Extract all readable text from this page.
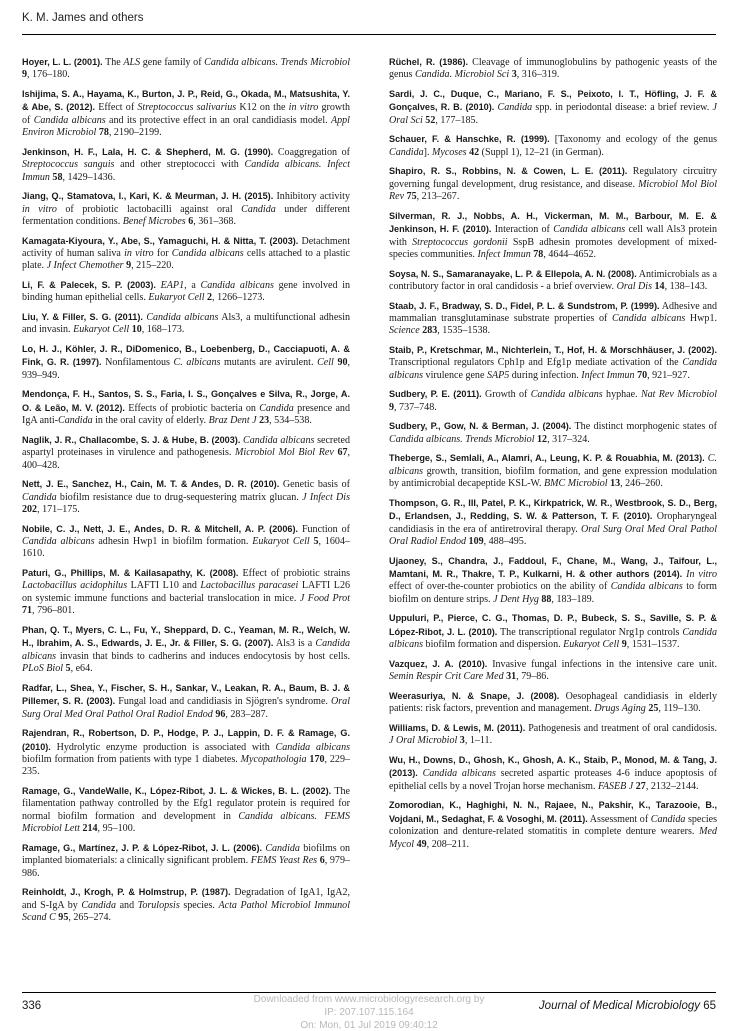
K. M. James and others

Hoyer, L. L. (2001). The ALS gene family of Candida albicans. Trends Microbiol 9, 176–180.

Ishijima, S. A., Hayama, K., Burton, J. P., Reid, G., Okada, M., Matsushita, Y. & Abe, S. (2012). Effect of Streptococcus salivarius K12 on the in vitro growth of Candida albicans and its protective effect in an oral candidiasis model. Appl Environ Microbiol 78, 2190–2199.

Jenkinson, H. F., Lala, H. C. & Shepherd, M. G. (1990). Coaggregation of Streptococcus sanguis and other streptococci with Candida albicans. Infect Immun 58, 1429–1436.

Jiang, Q., Stamatova, I., Kari, K. & Meurman, J. H. (2015). Inhibitory activity in vitro of probiotic lactobacilli against oral Candida under different fermentation conditions. Benef Microbes 6, 361–368.

Kamagata-Kiyoura, Y., Abe, S., Yamaguchi, H. & Nitta, T. (2003). Detachment activity of human saliva in vitro for Candida albicans cells attached to a plastic plate. J Infect Chemother 9, 215–220.

Li, F. & Palecek, S. P. (2003). EAP1, a Candida albicans gene involved in binding human epithelial cells. Eukaryot Cell 2, 1266–1273.

Liu, Y. & Filler, S. G. (2011). Candida albicans Als3, a multifunctional adhesin and invasin. Eukaryot Cell 10, 168–173.

Lo, H. J., Köhler, J. R., DiDomenico, B., Loebenberg, D., Cacciapuoti, A. & Fink, G. R. (1997). Nonfilamentous C. albicans mutants are avirulent. Cell 90, 939–949.

Mendonça, F. H., Santos, S. S., Faria, I. S., Gonçalves e Silva, R., Jorge, A. O. & Leão, M. V. (2012). Effects of probiotic bacteria on Candida presence and IgA anti-Candida in the oral cavity of elderly. Braz Dent J 23, 534–538.

Naglik, J. R., Challacombe, S. J. & Hube, B. (2003). Candida albicans secreted aspartyl proteinases in virulence and pathogenesis. Microbiol Mol Biol Rev 67, 400–428.

Nett, J. E., Sanchez, H., Cain, M. T. & Andes, D. R. (2010). Genetic basis of Candida biofilm resistance due to drug-sequestering matrix glucan. J Infect Dis 202, 171–175.

Nobile, C. J., Nett, J. E., Andes, D. R. & Mitchell, A. P. (2006). Function of Candida albicans adhesin Hwp1 in biofilm formation. Eukaryot Cell 5, 1604–1610.

Paturi, G., Phillips, M. & Kailasapathy, K. (2008). Effect of probiotic strains Lactobacillus acidophilus LAFTI L10 and Lactobacillus paracasei LAFTI L26 on systemic immune functions and bacterial translocation in mice. J Food Prot 71, 796–801.

Phan, Q. T., Myers, C. L., Fu, Y., Sheppard, D. C., Yeaman, M. R., Welch, W. H., Ibrahim, A. S., Edwards, J. E., Jr. & Filler, S. G. (2007). Als3 is a Candida albicans invasin that binds to cadherins and induces endocytosis by host cells. PLoS Biol 5, e64.

Radfar, L., Shea, Y., Fischer, S. H., Sankar, V., Leakan, R. A., Baum, B. J. & Pillemer, S. R. (2003). Fungal load and candidiasis in Sjögren's syndrome. Oral Surg Oral Med Oral Pathol Oral Radiol Endod 96, 283–287.

Rajendran, R., Robertson, D. P., Hodge, P. J., Lappin, D. F. & Ramage, G. (2010). Hydrolytic enzyme production is associated with Candida albicans biofilm formation from patients with type 1 diabetes. Mycopathologia 170, 229–235.

Ramage, G., VandeWalle, K., López-Ribot, J. L. & Wickes, B. L. (2002). The filamentation pathway controlled by the Efg1 regulator protein is required for normal biofilm formation and development in Candida albicans. FEMS Microbiol Lett 214, 95–100.

Ramage, G., Martínez, J. P. & López-Ribot, J. L. (2006). Candida biofilms on implanted biomaterials: a clinically significant problem. FEMS Yeast Res 6, 979–986.

Reinholdt, J., Krogh, P. & Holmstrup, P. (1987). Degradation of IgA1, IgA2, and S-IgA by Candida and Torulopsis species. Acta Pathol Microbiol Immunol Scand C 95, 265–274.

Rüchel, R. (1986). Cleavage of immunoglobulins by pathogenic yeasts of the genus Candida. Microbiol Sci 3, 316–319.

Sardi, J. C., Duque, C., Mariano, F. S., Peixoto, I. T., Höfling, J. F. & Gonçalves, R. B. (2010). Candida spp. in periodontal disease: a brief review. J Oral Sci 52, 177–185.

Schauer, F. & Hanschke, R. (1999). [Taxonomy and ecology of the genus Candida]. Mycoses 42 (Suppl 1), 12–21 (in German).

Shapiro, R. S., Robbins, N. & Cowen, L. E. (2011). Regulatory circuitry governing fungal development, drug resistance, and disease. Microbiol Mol Biol Rev 75, 213–267.

Silverman, R. J., Nobbs, A. H., Vickerman, M. M., Barbour, M. E. & Jenkinson, H. F. (2010). Interaction of Candida albicans cell wall Als3 protein with Streptococcus gordonii SspB adhesin promotes development of mixed-species communities. Infect Immun 78, 4644–4652.

Soysa, N. S., Samaranayake, L. P. & Ellepola, A. N. (2008). Antimicrobials as a contributory factor in oral candidosis - a brief overview. Oral Dis 14, 138–143.

Staab, J. F., Bradway, S. D., Fidel, P. L. & Sundstrom, P. (1999). Adhesive and mammalian transglutaminase substrate properties of Candida albicans Hwp1. Science 283, 1535–1538.

Staib, P., Kretschmar, M., Nichterlein, T., Hof, H. & Morschhäuser, J. (2002). Transcriptional regulators Cph1p and Efg1p mediate activation of the Candida albicans virulence gene SAP5 during infection. Infect Immun 70, 921–927.

Sudbery, P. E. (2011). Growth of Candida albicans hyphae. Nat Rev Microbiol 9, 737–748.

Sudbery, P., Gow, N. & Berman, J. (2004). The distinct morphogenic states of Candida albicans. Trends Microbiol 12, 317–324.

Theberge, S., Semlali, A., Alamri, A., Leung, K. P. & Rouabhia, M. (2013). C. albicans growth, transition, biofilm formation, and gene expression modulation by antimicrobial decapeptide KSL-W. BMC Microbiol 13, 246–260.

Thompson, G. R., III, Patel, P. K., Kirkpatrick, W. R., Westbrook, S. D., Berg, D., Erlandsen, J., Redding, S. W. & Patterson, T. F. (2010). Oropharyngeal candidiasis in the era of antiretroviral therapy. Oral Surg Oral Med Oral Pathol Oral Radiol Endod 109, 488–495.

Ujaoney, S., Chandra, J., Faddoul, F., Chane, M., Wang, J., Taifour, L., Mamtani, M. R., Thakre, T. P., Kulkarni, H. & other authors (2014). In vitro effect of over-the-counter probiotics on the ability of Candida albicans to form biofilm on denture strips. J Dent Hyg 88, 183–189.

Uppuluri, P., Pierce, C. G., Thomas, D. P., Bubeck, S. S., Saville, S. P. & López-Ribot, J. L. (2010). The transcriptional regulator Nrg1p controls Candida albicans biofilm formation and dispersion. Eukaryot Cell 9, 1531–1537.

Vazquez, J. A. (2010). Invasive fungal infections in the intensive care unit. Semin Respir Crit Care Med 31, 79–86.

Weerasuriya, N. & Snape, J. (2008). Oesophageal candidiasis in elderly patients: risk factors, prevention and management. Drugs Aging 25, 119–130.

Williams, D. & Lewis, M. (2011). Pathogenesis and treatment of oral candidosis. J Oral Microbiol 3, 1–11.

Wu, H., Downs, D., Ghosh, K., Ghosh, A. K., Staib, P., Monod, M. & Tang, J. (2013). Candida albicans secreted aspartic proteases 4-6 induce apoptosis of epithelial cells by a novel Trojan horse mechanism. FASEB J 27, 2132–2144.

Zomorodian, K., Haghighi, N. N., Rajaee, N., Pakshir, K., Tarazooie, B., Vojdani, M., Sedaghat, F. & Vosoghi, M. (2011). Assessment of Candida species colonization and denture-related stomatitis in complete denture wearers. Med Mycol 49, 208–211.

336	Journal of Medical Microbiology 65
Downloaded from www.microbiologyresearch.org by
IP: 207.107.115.164
On: Mon, 01 Jul 2019 09:40:12
